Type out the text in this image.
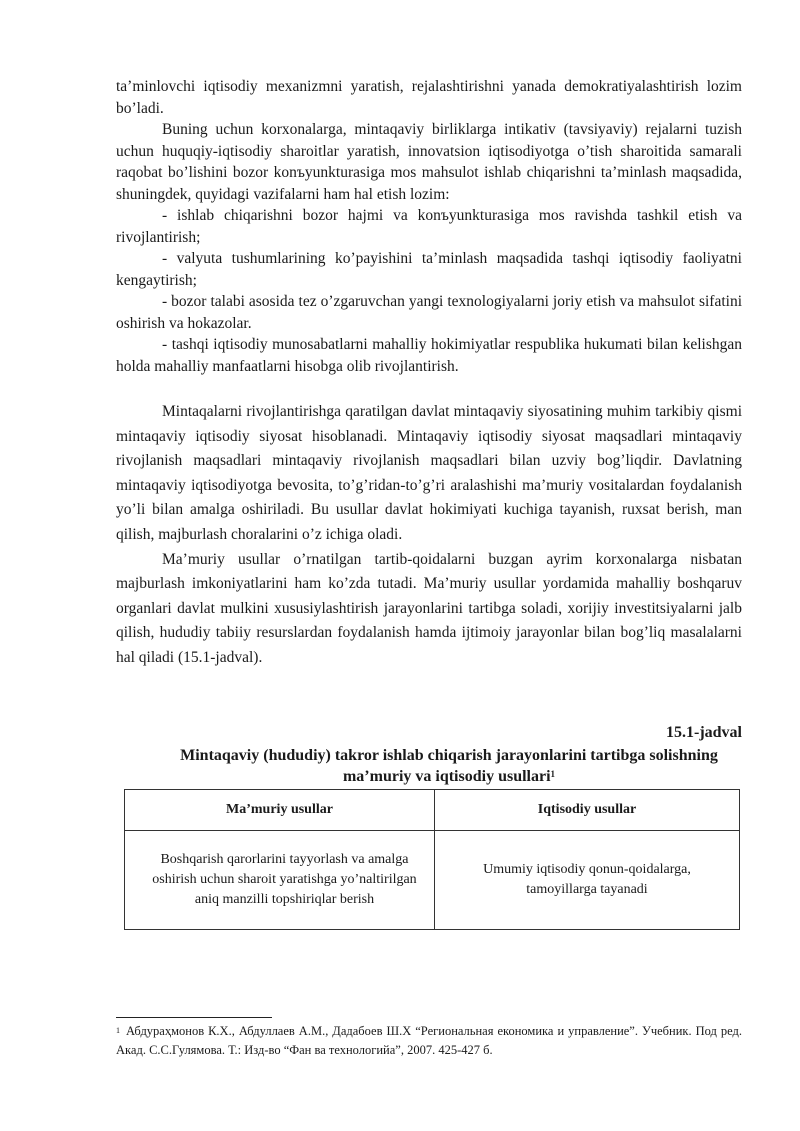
ta’minlovchi iqtisodiy mexanizmni yaratish, rejalashtirishni yanada demokratiyalashtirish lozim bo’ladi.

Buning uchun korxonalarga, mintaqaviy birliklarga intikativ (tavsiyaviy) rejalarni tuzish uchun huquqiy-iqtisodiy sharoitlar yaratish, innovatsion iqtisodiyotga o’tish sharoitida samarali raqobat bo’lishini bozor konъyunkturasiga mos mahsulot ishlab chiqarishni ta’minlash maqsadida, shuningdek, quyidagi vazifalarni ham hal etish lozim:

- ishlab chiqarishni bozor hajmi va konъyunkturasiga mos ravishda tashkil etish va rivojlantirish;

- valyuta tushumlarining ko’payishini ta’minlash maqsadida tashqi iqtisodiy faoliyatni kengaytirish;

- bozor talabi asosida tez o’zgaruvchan yangi texnologiyalarni joriy etish va mahsulot sifatini oshirish va hokazolar.

- tashqi iqtisodiy munosabatlarni mahalliy hokimiyatlar respublika hukumati bilan kelishgan holda mahalliy manfaatlarni hisobga olib rivojlantirish.

Mintaqalarni rivojlantirishga qaratilgan davlat mintaqaviy siyosatining muhim tarkibiy qismi mintaqaviy iqtisodiy siyosat hisoblanadi. Mintaqaviy iqtisodiy siyosat maqsadlari mintaqaviy rivojlanish maqsadlari mintaqaviy rivojlanish maqsadlari bilan uzviy bog’liqdir. Davlatning mintaqaviy iqtisodiyotga bevosita, to’g’ridan-to’g’ri aralashishi ma’muriy vositalardan foydalanish yo’li bilan amalga oshiriladi. Bu usullar davlat hokimiyati kuchiga tayanish, ruxsat berish, man qilish, majburlash choralarini o’z ichiga oladi.

Ma’muriy usullar o’rnatilgan tartib-qoidalarni buzgan ayrim korxonalarga nisbatan majburlash imkoniyatlarini ham ko’zda tutadi. Ma’muriy usullar yordamida mahalliy boshqaruv organlari davlat mulkini xususiylashtirish jarayonlarini tartibga soladi, xorijiy investitsiyalarni jalb qilish, hududiy tabiiy resurslardan foydalanish hamda ijtimoiy jarayonlar bilan bog’liq masalalarni hal qiladi (15.1-jadval).

15.1-jadval
Mintaqaviy (hududiy) takror ishlab chiqarish jarayonlarini tartibga solishning ma’muriy va iqtisodiy usullari$^1$
Ma’muriy usullar	Iqtisodiy usullar
Boshqarish qarorlarini tayyorlash va amalga oshirish uchun sharoit yaratishga yo’naltirilgan aniq manzilli topshiriqlar berish	Umumiy iqtisodiy qonun-qoidalarga, tamoyillarga tayanadi
$^1$ Абдураҳмонов К.Х., Абдуллаев А.М., Дадабоев Ш.Х “Региональная економика и управление”. Учебник. Под ред. Акад. С.С.Гулямова. Т.: Изд-во “Фан ва технологийа”, 2007. 425-427 б.
